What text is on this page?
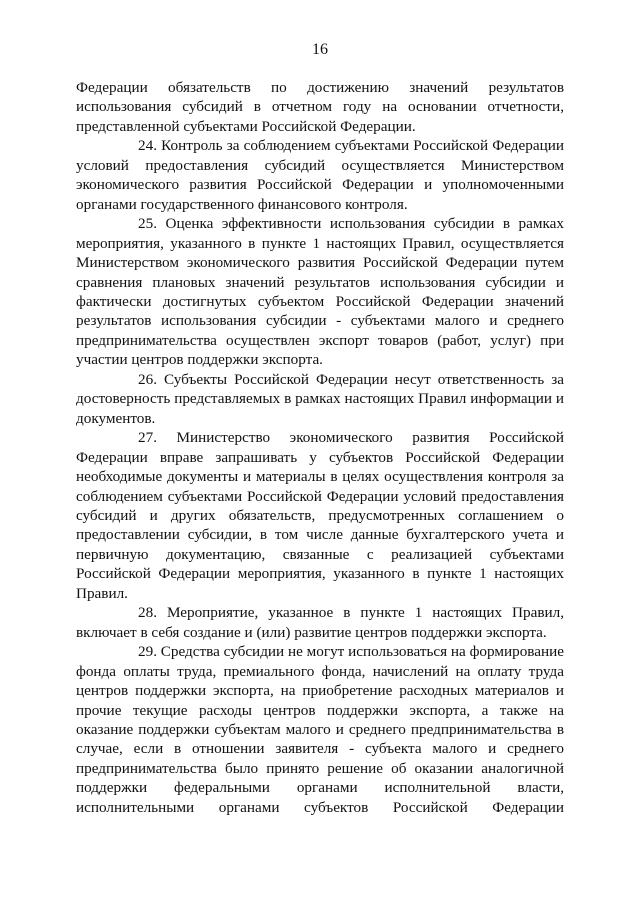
16

Федерации обязательств по достижению значений результатов использования субсидий в отчетном году на основании отчетности, представленной субъектами Российской Федерации.

24. Контроль за соблюдением субъектами Российской Федерации условий предоставления субсидий осуществляется Министерством экономического развития Российской Федерации и уполномоченными органами государственного финансового контроля.

25. Оценка эффективности использования субсидии в рамках мероприятия, указанного в пункте 1 настоящих Правил, осуществляется Министерством экономического развития Российской Федерации путем сравнения плановых значений результатов использования субсидии и фактически достигнутых субъектом Российской Федерации значений результатов использования субсидии - субъектами малого и среднего предпринимательства осуществлен экспорт товаров (работ, услуг) при участии центров поддержки экспорта.

26. Субъекты Российской Федерации несут ответственность за достоверность представляемых в рамках настоящих Правил информации и документов.

27. Министерство экономического развития Российской Федерации вправе запрашивать у субъектов Российской Федерации необходимые документы и материалы в целях осуществления контроля за соблюдением субъектами Российской Федерации условий предоставления субсидий и других обязательств, предусмотренных соглашением о предоставлении субсидии, в том числе данные бухгалтерского учета и первичную документацию, связанные с реализацией субъектами Российской Федерации мероприятия, указанного в пункте 1 настоящих Правил.

28. Мероприятие, указанное в пункте 1 настоящих Правил, включает в себя создание и (или) развитие центров поддержки экспорта.

29. Средства субсидии не могут использоваться на формирование фонда оплаты труда, премиального фонда, начислений на оплату труда центров поддержки экспорта, на приобретение расходных материалов и прочие текущие расходы центров поддержки экспорта, а также на оказание поддержки субъектам малого и среднего предпринимательства в случае, если в отношении заявителя - субъекта малого и среднего предпринимательства было принято решение об оказании аналогичной поддержки федеральными органами исполнительной власти, исполнительными органами субъектов Российской Федерации
